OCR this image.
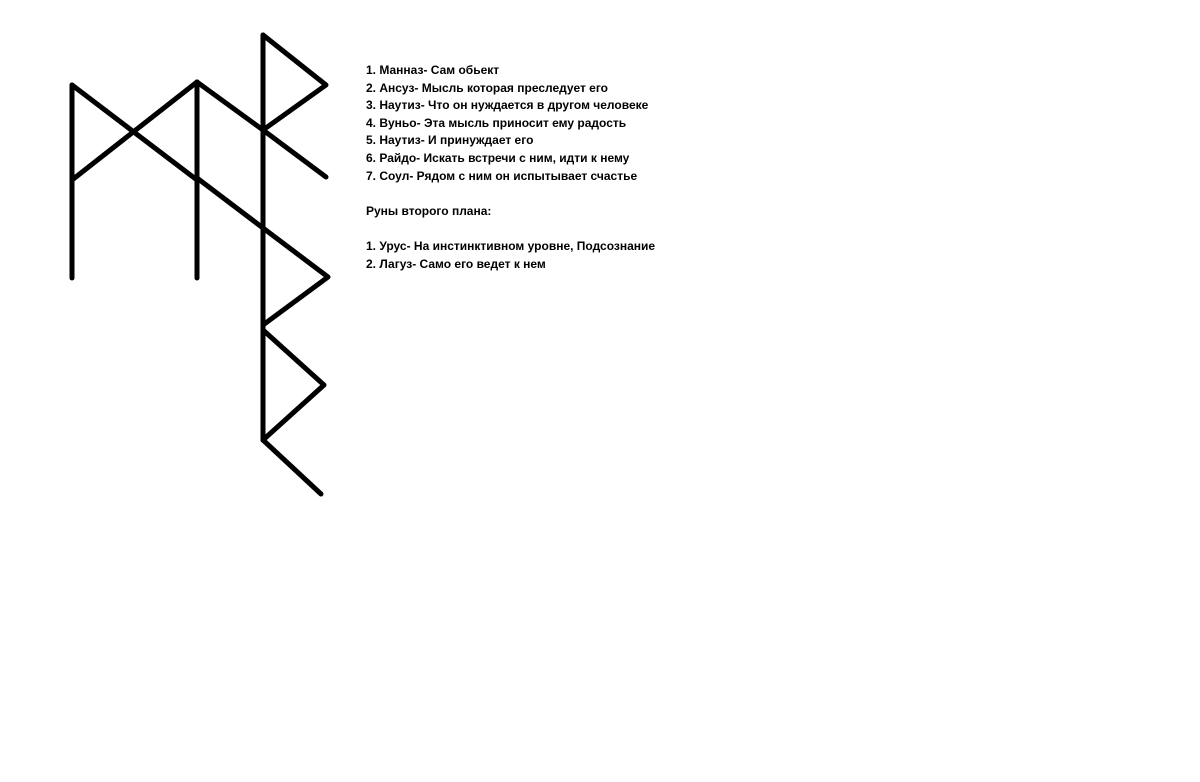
1. Манназ- Сам обьект
2. Ансуз- Мысль которая преследует его
3. Наутиз- Что он нуждается в другом человеке
4. Вуньо- Эта мысль приносит ему радость
5. Наутиз- И принуждает его
6. Райдо- Искать встречи с ним, идти к нему
7. Соул- Рядом с ним он испытывает счастье
Руны второго плана:
1. Урус- На инстинктивном уровне, Подсознание
2. Лагуз- Само его ведет к нем
